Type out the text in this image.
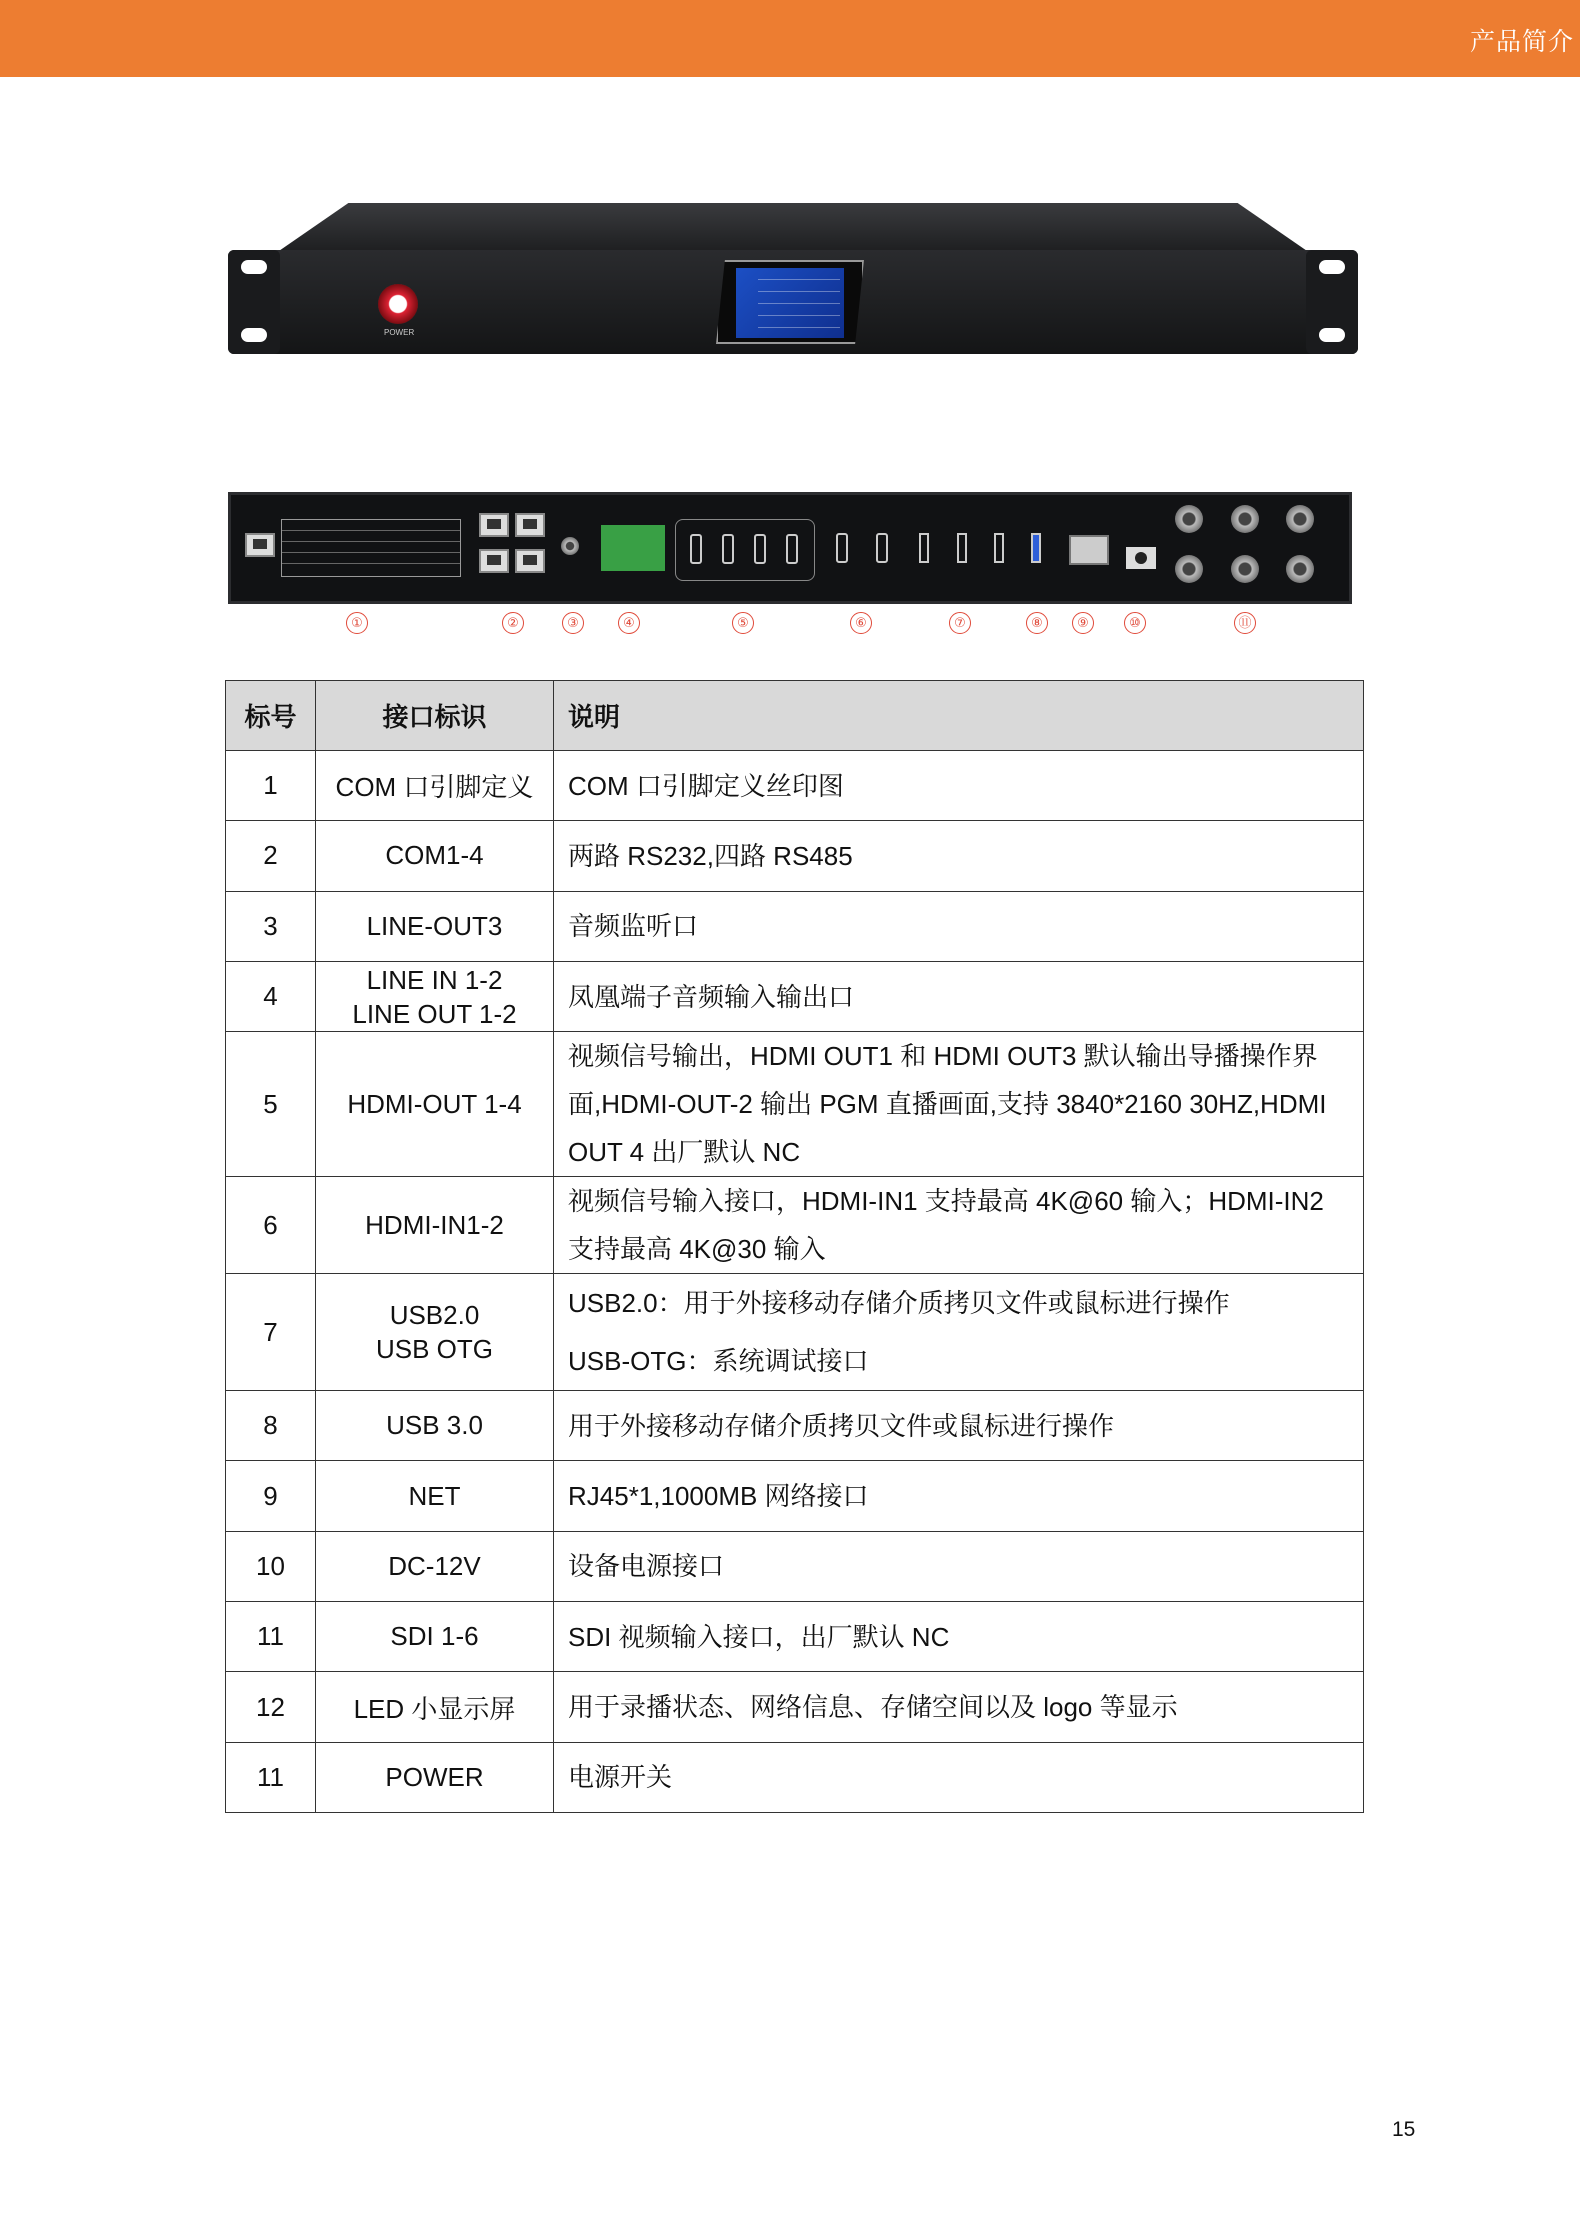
产品简介
POWER
①	②	③	④	⑤	⑥	⑦	⑧	⑨	⑩	⑪
标号	接口标识	说明
1	COM 口引脚定义	COM 口引脚定义丝印图

2	COM1-4	两路 RS232,四路 RS485

3	LINE-OUT3	音频监听口

4	LINE IN 1-2
LINE OUT 1-2	凤凰端子音频输入输出口

5	HDMI-OUT 1-4	视频信号输出，HDMI OUT1 和 HDMI OUT3 默认输出导播操作界
面,HDMI-OUT-2 输出 PGM 直播画面,支持 3840*2160 30HZ,HDMI
OUT 4 出厂默认 NC

6	HDMI-IN1-2	视频信号输入接口，HDMI-IN1 支持最高 4K@60 输入；HDMI-IN2
支持最高 4K@30 输入

7	USB2.0
USB OTG	USB2.0：用于外接移动存储介质拷贝文件或鼠标进行操作
USB-OTG：系统调试接口

8	USB 3.0	用于外接移动存储介质拷贝文件或鼠标进行操作

9	NET	RJ45*1,1000MB 网络接口

10	DC-12V	设备电源接口

11	SDI 1-6	SDI 视频输入接口，出厂默认 NC

12	LED 小显示屏	用于录播状态、网络信息、存储空间以及 logo 等显示

11	POWER	电源开关
15
